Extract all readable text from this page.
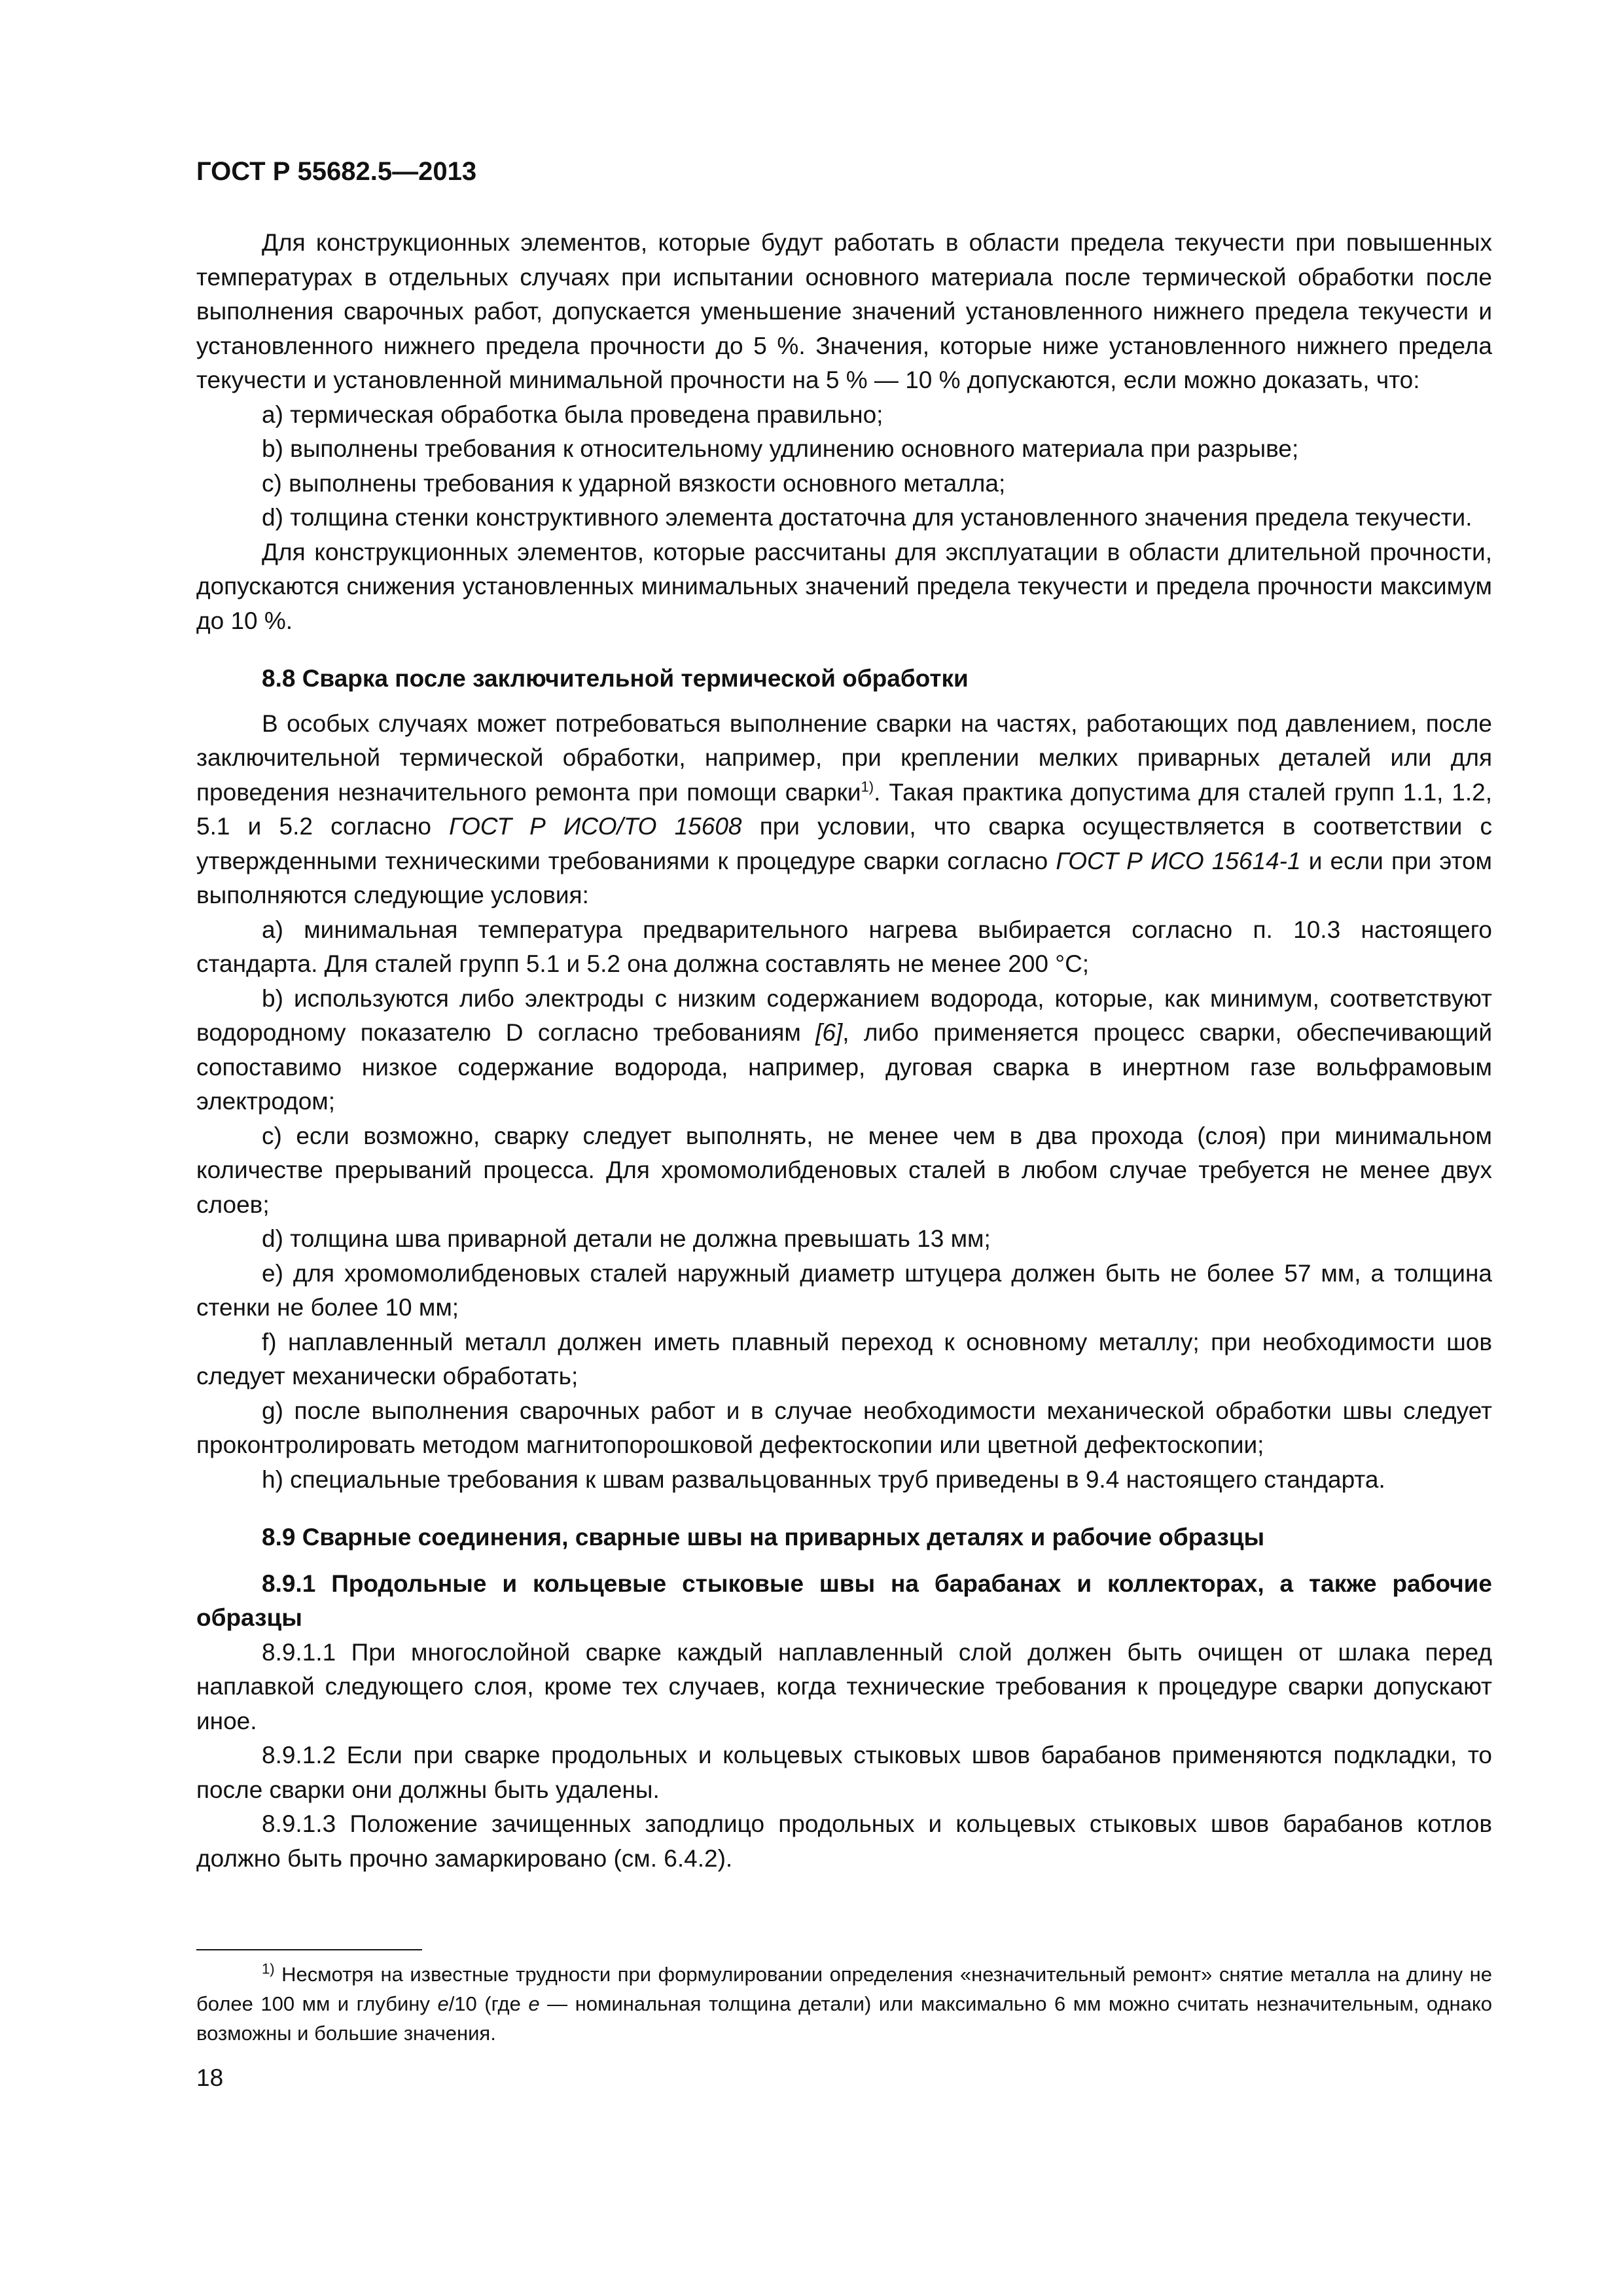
ГОСТ Р 55682.5—2013

Для конструкционных элементов, которые будут работать в области предела текучести при повышенных температурах в отдельных случаях при испытании основного материала после термической обработки после выполнения сварочных работ, допускается уменьшение значений установленного нижнего предела текучести и установленного нижнего предела прочности до 5 %. Значения, которые ниже установленного нижнего предела текучести и установленной минимальной прочности на 5 % — 10 % допускаются, если можно доказать, что:

a) термическая обработка была проведена правильно;

b) выполнены требования к относительному удлинению основного материала при разрыве;

c) выполнены требования к ударной вязкости основного металла;

d) толщина стенки конструктивного элемента достаточна для установленного значения предела текучести.

Для конструкционных элементов, которые рассчитаны для эксплуатации в области длительной прочности, допускаются снижения установленных минимальных значений предела текучести и предела прочности максимум до 10 %.

8.8 Сварка после заключительной термической обработки

В особых случаях может потребоваться выполнение сварки на частях, работающих под давлением, после заключительной термической обработки, например, при креплении мелких приварных деталей или для проведения незначительного ремонта при помощи сварки$^{1)}$. Такая практика допустима для сталей групп 1.1, 1.2, 5.1 и 5.2 согласно ГОСТ Р ИСО/ТО 15608 при условии, что сварка осуществляется в соответствии с утвержденными техническими требованиями к процедуре сварки согласно ГОСТ Р ИСО 15614-1 и если при этом выполняются следующие условия:

a) минимальная температура предварительного нагрева выбирается согласно п. 10.3 настоящего стандарта. Для сталей групп 5.1 и 5.2 она должна составлять не менее 200 °С;

b) используются либо электроды с низким содержанием водорода, которые, как минимум, соответствуют водородному показателю D согласно требованиям [6], либо применяется процесс сварки, обеспечивающий сопоставимо низкое содержание водорода, например, дуговая сварка в инертном газе вольфрамовым электродом;

c) если возможно, сварку следует выполнять, не менее чем в два прохода (слоя) при минимальном количестве прерываний процесса. Для хромомолибденовых сталей в любом случае требуется не менее двух слоев;

d) толщина шва приварной детали не должна превышать 13 мм;

e) для хромомолибденовых сталей наружный диаметр штуцера должен быть не более 57 мм, а толщина стенки не более 10 мм;

f) наплавленный металл должен иметь плавный переход к основному металлу; при необходимости шов следует механически обработать;

g) после выполнения сварочных работ и в случае необходимости механической обработки швы следует проконтролировать методом магнитопорошковой дефектоскопии или цветной дефектоскопии;

h) специальные требования к швам развальцованных труб приведены в 9.4 настоящего стандарта.

8.9 Сварные соединения, сварные швы на приварных деталях и рабочие образцы

8.9.1 Продольные и кольцевые стыковые швы на барабанах и коллекторах, а также рабочие образцы

8.9.1.1 При многослойной сварке каждый наплавленный слой должен быть очищен от шлака перед наплавкой следующего слоя, кроме тех случаев, когда технические требования к процедуре сварки допускают иное.

8.9.1.2 Если при сварке продольных и кольцевых стыковых швов барабанов применяются подкладки, то после сварки они должны быть удалены.

8.9.1.3 Положение зачищенных заподлицо продольных и кольцевых стыковых швов барабанов котлов должно быть прочно замаркировано (см. 6.4.2).

$^{1)}$ Несмотря на известные трудности при формулировании определения «незначительный ремонт» снятие металла на длину не более 100 мм и глубину e/10 (где e — номинальная толщина детали) или максимально 6 мм можно считать незначительным, однако возможны и большие значения.

18
